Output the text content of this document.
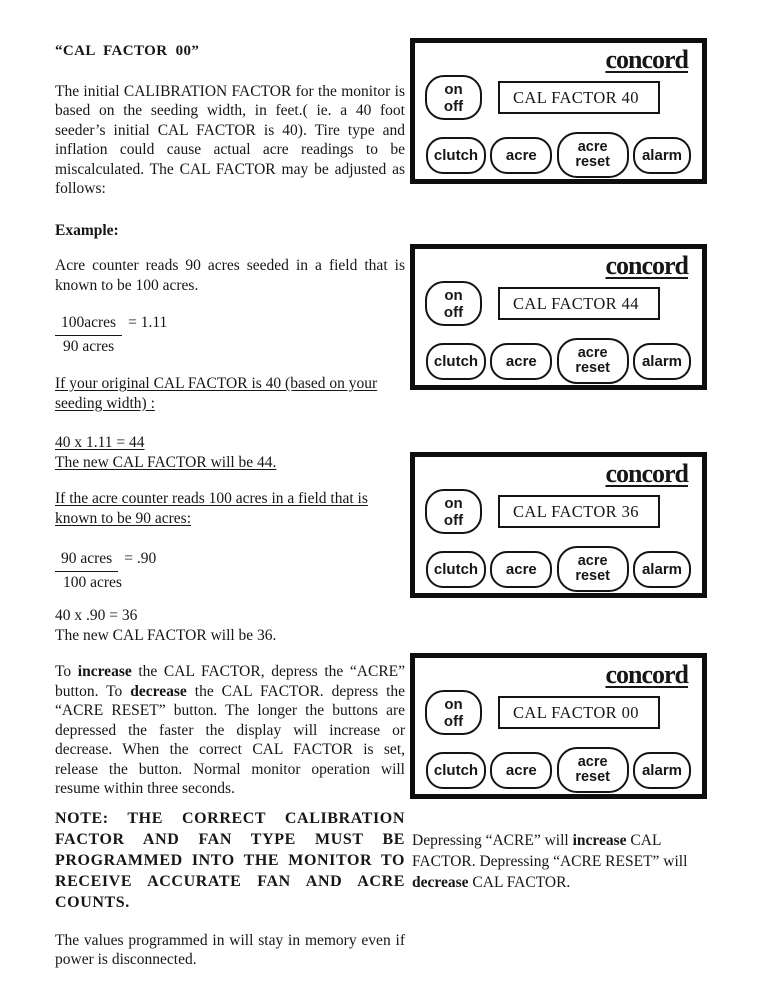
“CAL FACTOR 00”

The initial CALIBRATION FACTOR for the monitor is based on the seeding width, in feet.( ie. a 40 foot seeder’s initial CAL FACTOR is 40). Tire type and inflation could cause actual acre readings to be miscalculated. The CAL FACTOR may be adjusted as follows:

Example:

Acre counter reads 90 acres seeded in a field that is known to be 100 acres.

100acres = 1.11
90 acres

If your original CAL FACTOR is 40 (based on your seeding width) :

40 x 1.11 = 44
The new CAL FACTOR will be 44.

If the acre counter reads 100 acres in a field that is known to be 90 acres:

90 acres = .90
100 acres
40 x .90 = 36
The new CAL FACTOR will be 36.

To increase the CAL FACTOR, depress the “ACRE” button. To decrease the CAL FACTOR. depress the “ACRE RESET” button. The longer the buttons are depressed the faster the display will increase or decrease. When the correct CAL FACTOR is set, release the button. Normal monitor operation will resume within three seconds.

NOTE: THE CORRECT CALIBRATION FACTOR AND FAN TYPE MUST BE PROGRAMMED INTO THE MONITOR TO RECEIVE ACCURATE FAN AND ACRE COUNTS.

The values programmed in will stay in memory even if power is disconnected.

concord
on
off	CAL FACTOR 40
clutch	acre	acre
reset	alarm
concord
on
off	CAL FACTOR 44
clutch	acre	acre
reset	alarm
concord
on
off	CAL FACTOR 36
clutch	acre	acre
reset	alarm
concord
on
off	CAL FACTOR 00
clutch	acre	acre
reset	alarm

Depressing “ACRE” will increase CAL FACTOR. Depressing “ACRE RESET” will decrease CAL FACTOR.
